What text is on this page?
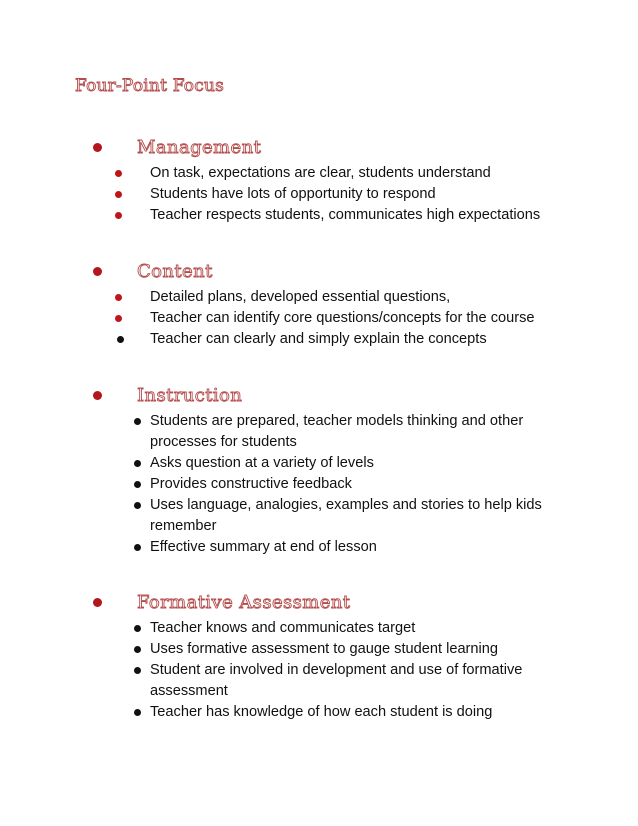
Four-Point Focus
Management
On task, expectations are clear, students understand
Students have lots of opportunity to respond
Teacher respects students, communicates high expectations
Content
Detailed plans, developed essential questions,
Teacher can identify core questions/concepts for the course
Teacher can clearly and simply explain the concepts
Instruction
Students are prepared, teacher models thinking and other
processes for students
Asks question at a variety of levels
Provides constructive feedback
Uses language, analogies, examples and stories to help kids
remember
Effective summary at end of lesson
Formative Assessment
Teacher knows and communicates target
Uses formative assessment to gauge student learning
Student are involved in development and use of formative
assessment
Teacher has knowledge of how each student is doing
